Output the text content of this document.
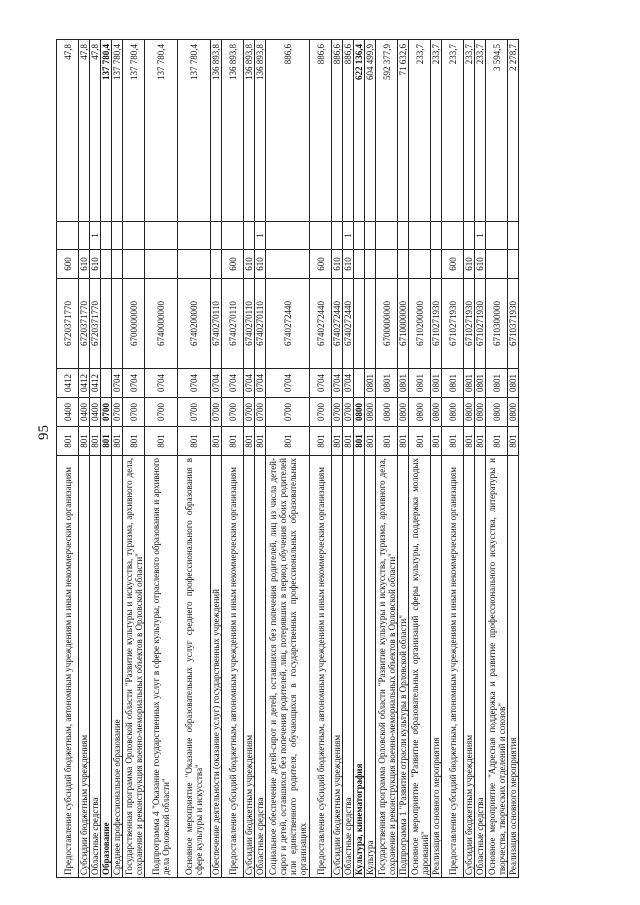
95
Предоставление субсидий бюджетным, автономным учреждениям и иным некоммерческим организациям	801	0400	0412	6720371770	600		47,8
Субсидии бюджетным учреждениям	801	0400	0412	6720371770	610		47,8
Областные средства	801	0400	0412	6720371770	610	1	47,8
Образование	801	0700					137 780,4
Среднее профессиональное образование	801	0700	0704				137 780,4
Государственная программа Орловской области "Развитие культуры и искусства, туризма, архивного дела, сохранение и реконструкция военно-мемориальных объектов в Орловской области"	801	0700	0704	6700000000			137 780,4
Подпрограмма 4 "Оказание государственных услуг в сфере культуры, отраслевого образования и архивного дела Орловской области"	801	0700	0704	6740000000			137 780,4
Основное мероприятие "Оказание образовательных услуг среднего профессионального образования в сфере культуры и искусства"	801	0700	0704	6740200000			137 780,4
Обеспечение деятельности (оказание услуг) государственных учреждений	801	0700	0704	6740270110			136 893,8
Предоставление субсидий бюджетным, автономным учреждениям и иным некоммерческим организациям	801	0700	0704	6740270110	600		136 893,8
Субсидии бюджетным учреждениям	801	0700	0704	6740270110	610		136 893,8
Областные средства	801	0700	0704	6740270110	610	1	136 893,8
Социальное обеспечение детей-сирот и детей, оставшихся без попечения родителей, лиц из числа детей-сирот и детей, оставшихся без попечения родителей, лиц, потерявших в период обучения обоих родителей или единственного родителя, обучающихся в государственных профессиональных образовательных организациях	801	0700	0704	6740272440			886,6
Предоставление субсидий бюджетным, автономным учреждениям и иным некоммерческим организациям	801	0700	0704	6740272440	600		886,6
Субсидии бюджетным учреждениям	801	0700	0704	6740272440	610		886,6
Областные средства	801	0700	0704	6740272440	610	1	886,6
Культура, кинематография	801	0800					622 136,4
Культура	801	0800	0801				604 499,9
Государственная программа Орловской области "Развитие культуры и искусства, туризма, архивного дела, сохранение и реконструкция военно-мемориальных объектов в Орловской области"	801	0800	0801	6700000000			592 377,9
Подпрограмма 1 "Развитие отрасли культуры в Орловской области"	801	0800	0801	6710000000			71 632,6
Основное мероприятие "Развитие образовательных организаций сферы культуры, поддержка молодых дарований"	801	0800	0801	6710200000			233,7
Реализация основного мероприятия	801	0800	0801	6710271930			233,7
Предоставление субсидий бюджетным, автономным учреждениям и иным некоммерческим организациям	801	0800	0801	6710271930	600		233,7
Субсидии бюджетным учреждениям	801	0800	0801	6710271930	610		233,7
Областные средства	801	0800	0801	6710271930	610	1	233,7
Основное мероприятие "Адресная поддержка и развитие профессионального искусства, литературы и творчества, творческих отделений и союзов"	801	0800	0801	6710300000			3 594,5
Реализация основного мероприятия	801	0800	0801	6710371930			2 278,7
